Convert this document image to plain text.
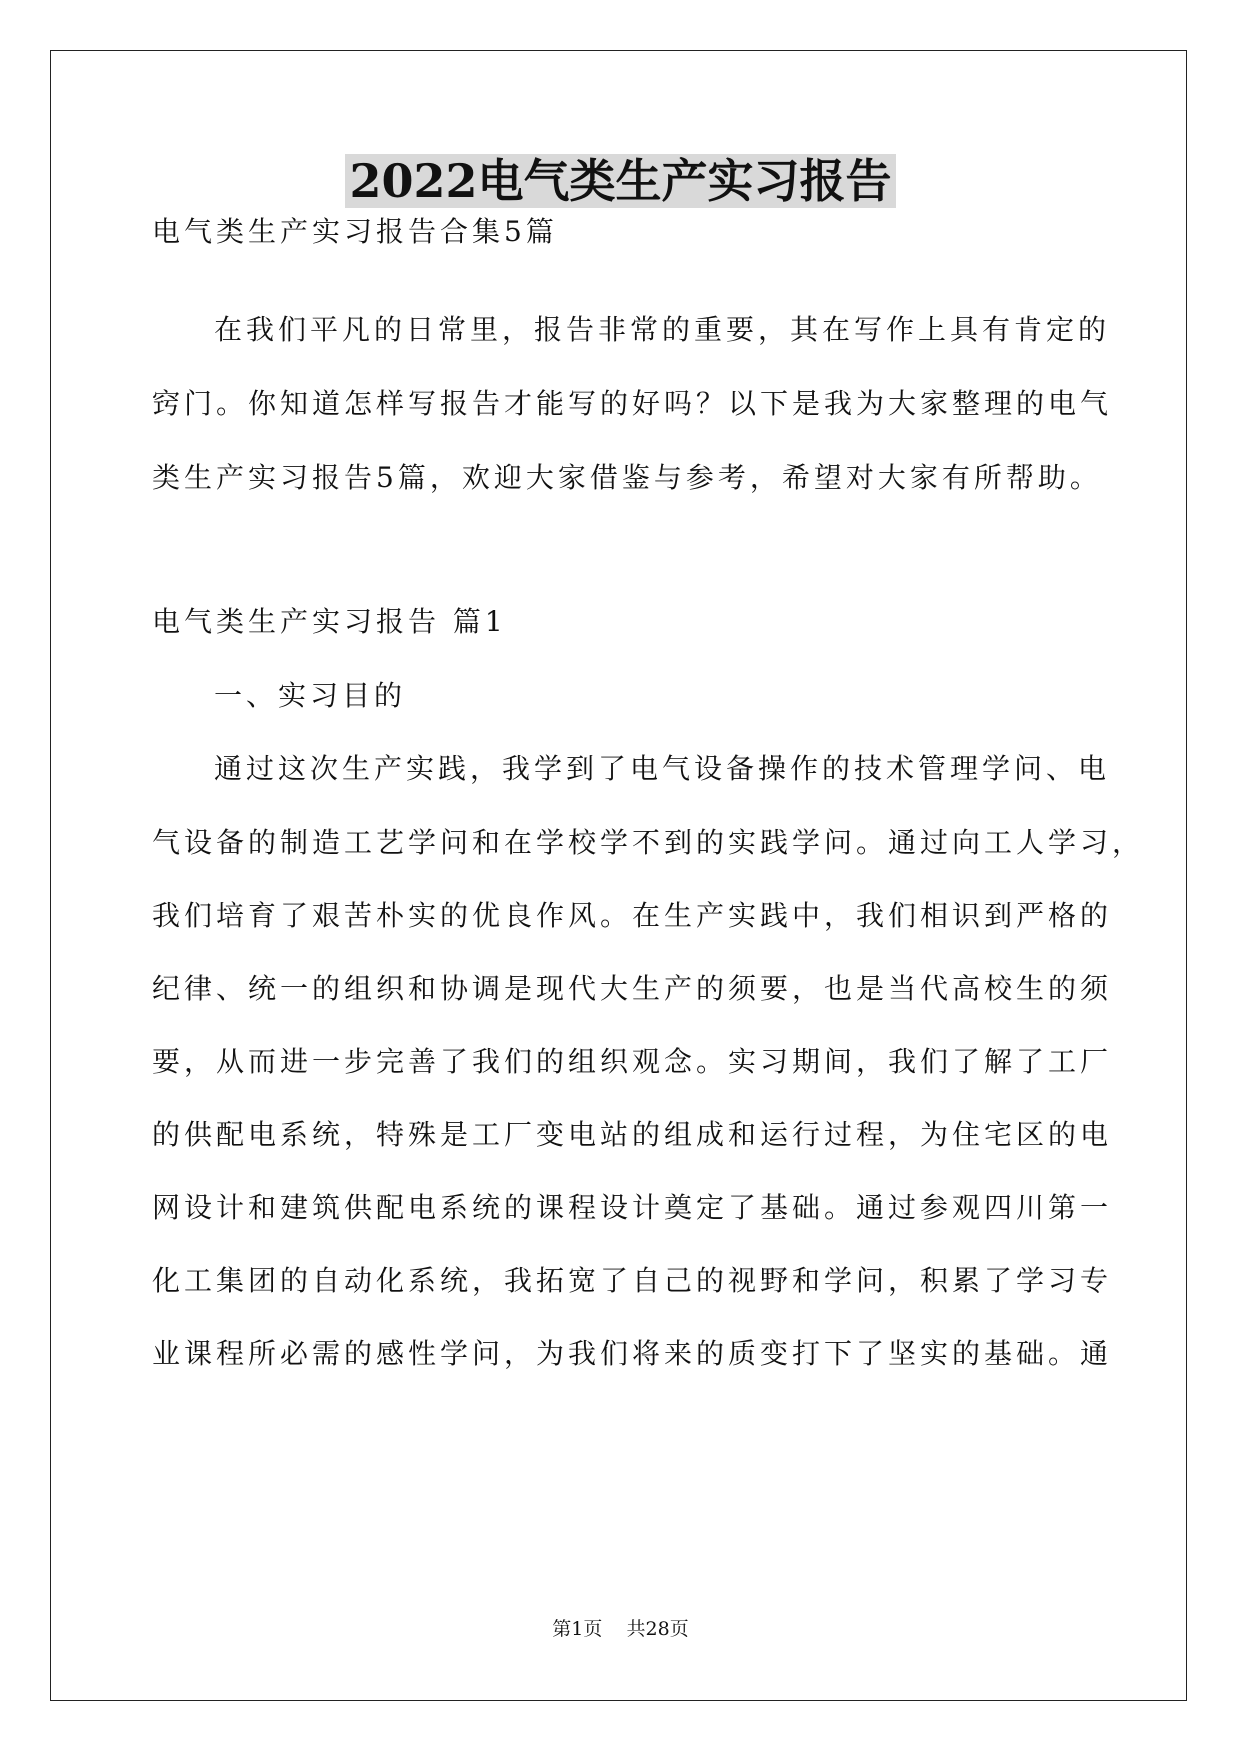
2022电气类生产实习报告
电气类生产实习报告合集5篇
在我们平凡的日常里，报告非常的重要，其在写作上具有肯定的
窍门。你知道怎样写报告才能写的好吗？以下是我为大家整理的电气
类生产实习报告5篇，欢迎大家借鉴与参考，希望对大家有所帮助。
电气类生产实习报告 篇1
一、实习目的
通过这次生产实践，我学到了电气设备操作的技术管理学问、电
气设备的制造工艺学问和在学校学不到的实践学问。通过向工人学习，
我们培育了艰苦朴实的优良作风。在生产实践中，我们相识到严格的
纪律、统一的组织和协调是现代大生产的须要，也是当代高校生的须
要，从而进一步完善了我们的组织观念。实习期间，我们了解了工厂
的供配电系统，特殊是工厂变电站的组成和运行过程，为住宅区的电
网设计和建筑供配电系统的课程设计奠定了基础。通过参观四川第一
化工集团的自动化系统，我拓宽了自己的视野和学问，积累了学习专
业课程所必需的感性学问，为我们将来的质变打下了坚实的基础。通
第1页    共28页
